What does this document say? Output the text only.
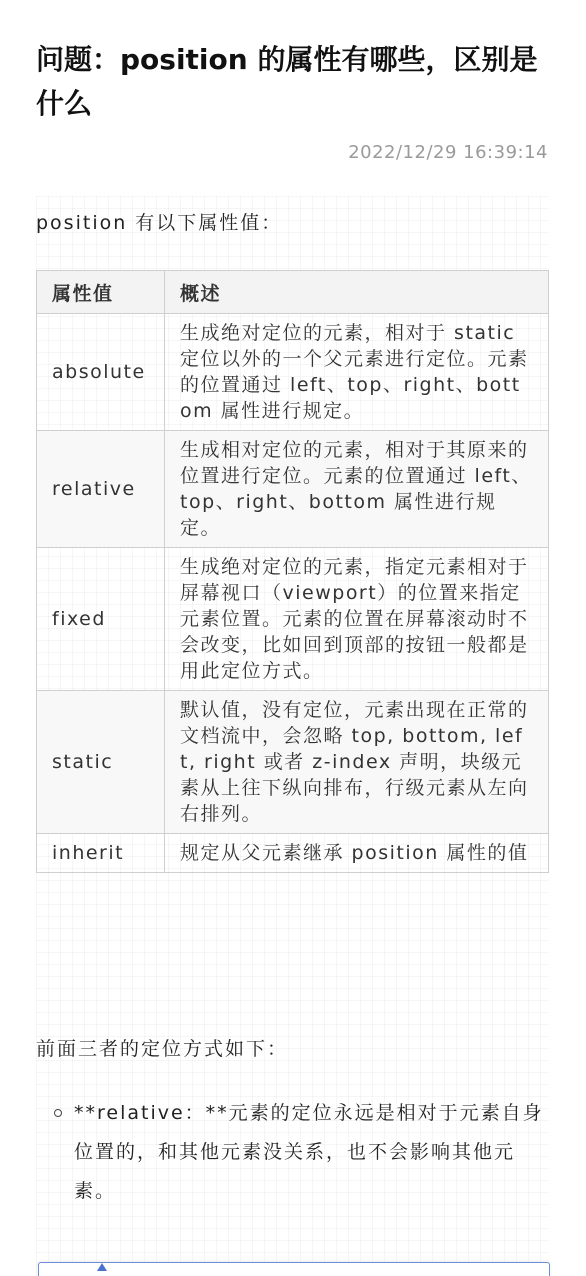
问题：position 的属性有哪些，区别是什么
2022/12/29 16:39:14
position 有以下属性值：
属性值	概述
absolute	生成绝对定位的元素，相对于 static 定位以外的一个父元素进行定位。元素的位置通过 left、top、right、bottom 属性进行规定。
relative	生成相对定位的元素，相对于其原来的位置进行定位。元素的位置通过 left、top、right、bottom 属性进行规定。
fixed	生成绝对定位的元素，指定元素相对于屏幕视口（viewport）的位置来指定元素位置。元素的位置在屏幕滚动时不会改变，比如回到顶部的按钮一般都是用此定位方式。
static	默认值，没有定位，元素出现在正常的文档流中，会忽略 top, bottom, left, right 或者 z-index 声明，块级元素从上往下纵向排布，行级元素从左向右排列。
inherit	规定从父元素继承 position 属性的值
前面三者的定位方式如下：
**relative：**元素的定位永远是相对于元素自身位置的，和其他元素没关系，也不会影响其他元素。
